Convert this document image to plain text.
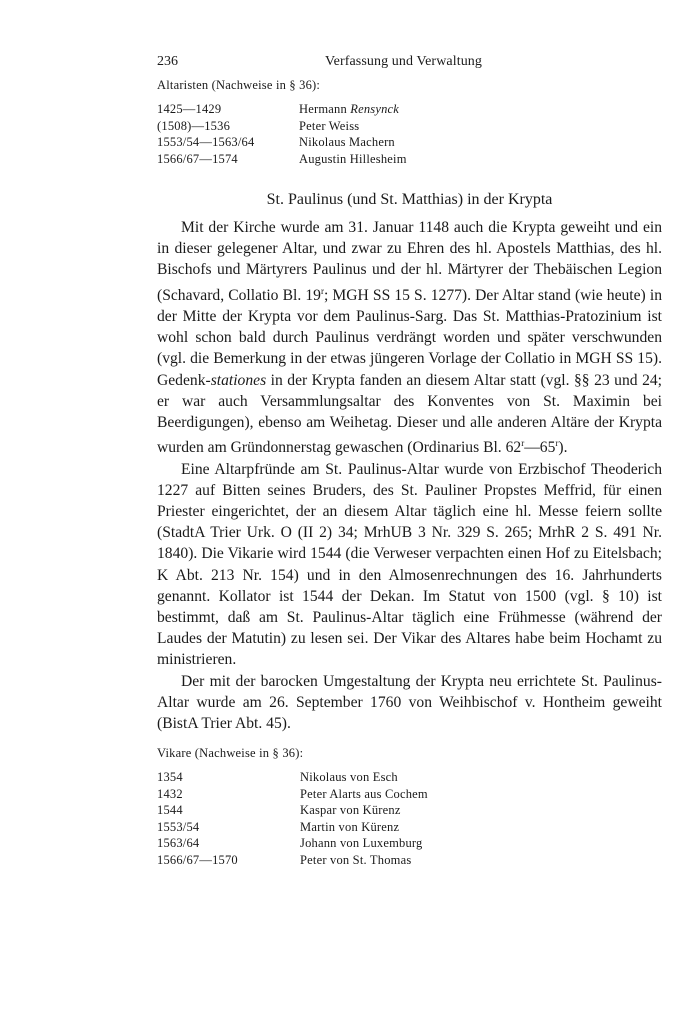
236	Verfassung und Verwaltung
Altaristen (Nachweise in § 36):
1425—1429	Hermann Rensynck
(1508)—1536	Peter Weiss
1553/54—1563/64	Nikolaus Machern
1566/67—1574	Augustin Hillesheim
St. Paulinus (und St. Matthias) in der Krypta

Mit der Kirche wurde am 31. Januar 1148 auch die Krypta geweiht und ein in dieser gelegener Altar, und zwar zu Ehren des hl. Apostels Matthias, des hl. Bischofs und Märtyrers Paulinus und der hl. Märtyrer der Thebäischen Legion (Schavard, Collatio Bl. 19$^r$; MGH SS 15 S. 1277). Der Altar stand (wie heute) in der Mitte der Krypta vor dem Paulinus-Sarg. Das St. Matthias-Pratozinium ist wohl schon bald durch Paulinus verdrängt worden und später verschwunden (vgl. die Bemerkung in der etwas jüngeren Vorlage der Collatio in MGH SS 15). Gedenk-stationes in der Krypta fanden an diesem Altar statt (vgl. §§ 23 und 24; er war auch Versammlungsaltar des Konventes von St. Maximin bei Beerdigungen), ebenso am Weihetag. Dieser und alle anderen Altäre der Krypta wurden am Gründonnerstag gewaschen (Ordinarius Bl. 62$^r$—65$^r$).

Eine Altarpfründe am St. Paulinus-Altar wurde von Erzbischof Theoderich 1227 auf Bitten seines Bruders, des St. Pauliner Propstes Meffrid, für einen Priester eingerichtet, der an diesem Altar täglich eine hl. Messe feiern sollte (StadtA Trier Urk. O (II 2) 34; MrhUB 3 Nr. 329 S. 265; MrhR 2 S. 491 Nr. 1840). Die Vikarie wird 1544 (die Verweser verpachten einen Hof zu Eitelsbach; K Abt. 213 Nr. 154) und in den Almosenrechnungen des 16. Jahrhunderts genannt. Kollator ist 1544 der Dekan. Im Statut von 1500 (vgl. § 10) ist bestimmt, daß am St. Paulinus-Altar täglich eine Frühmesse (während der Laudes der Matutin) zu lesen sei. Der Vikar des Altares habe beim Hochamt zu ministrieren.

Der mit der barocken Umgestaltung der Krypta neu errichtete St. Paulinus-Altar wurde am 26. September 1760 von Weihbischof v. Hontheim geweiht (BistA Trier Abt. 45).

Vikare (Nachweise in § 36):
1354	Nikolaus von Esch
1432	Peter Alarts aus Cochem
1544	Kaspar von Kürenz
1553/54	Martin von Kürenz
1563/64	Johann von Luxemburg
1566/67—1570	Peter von St. Thomas
